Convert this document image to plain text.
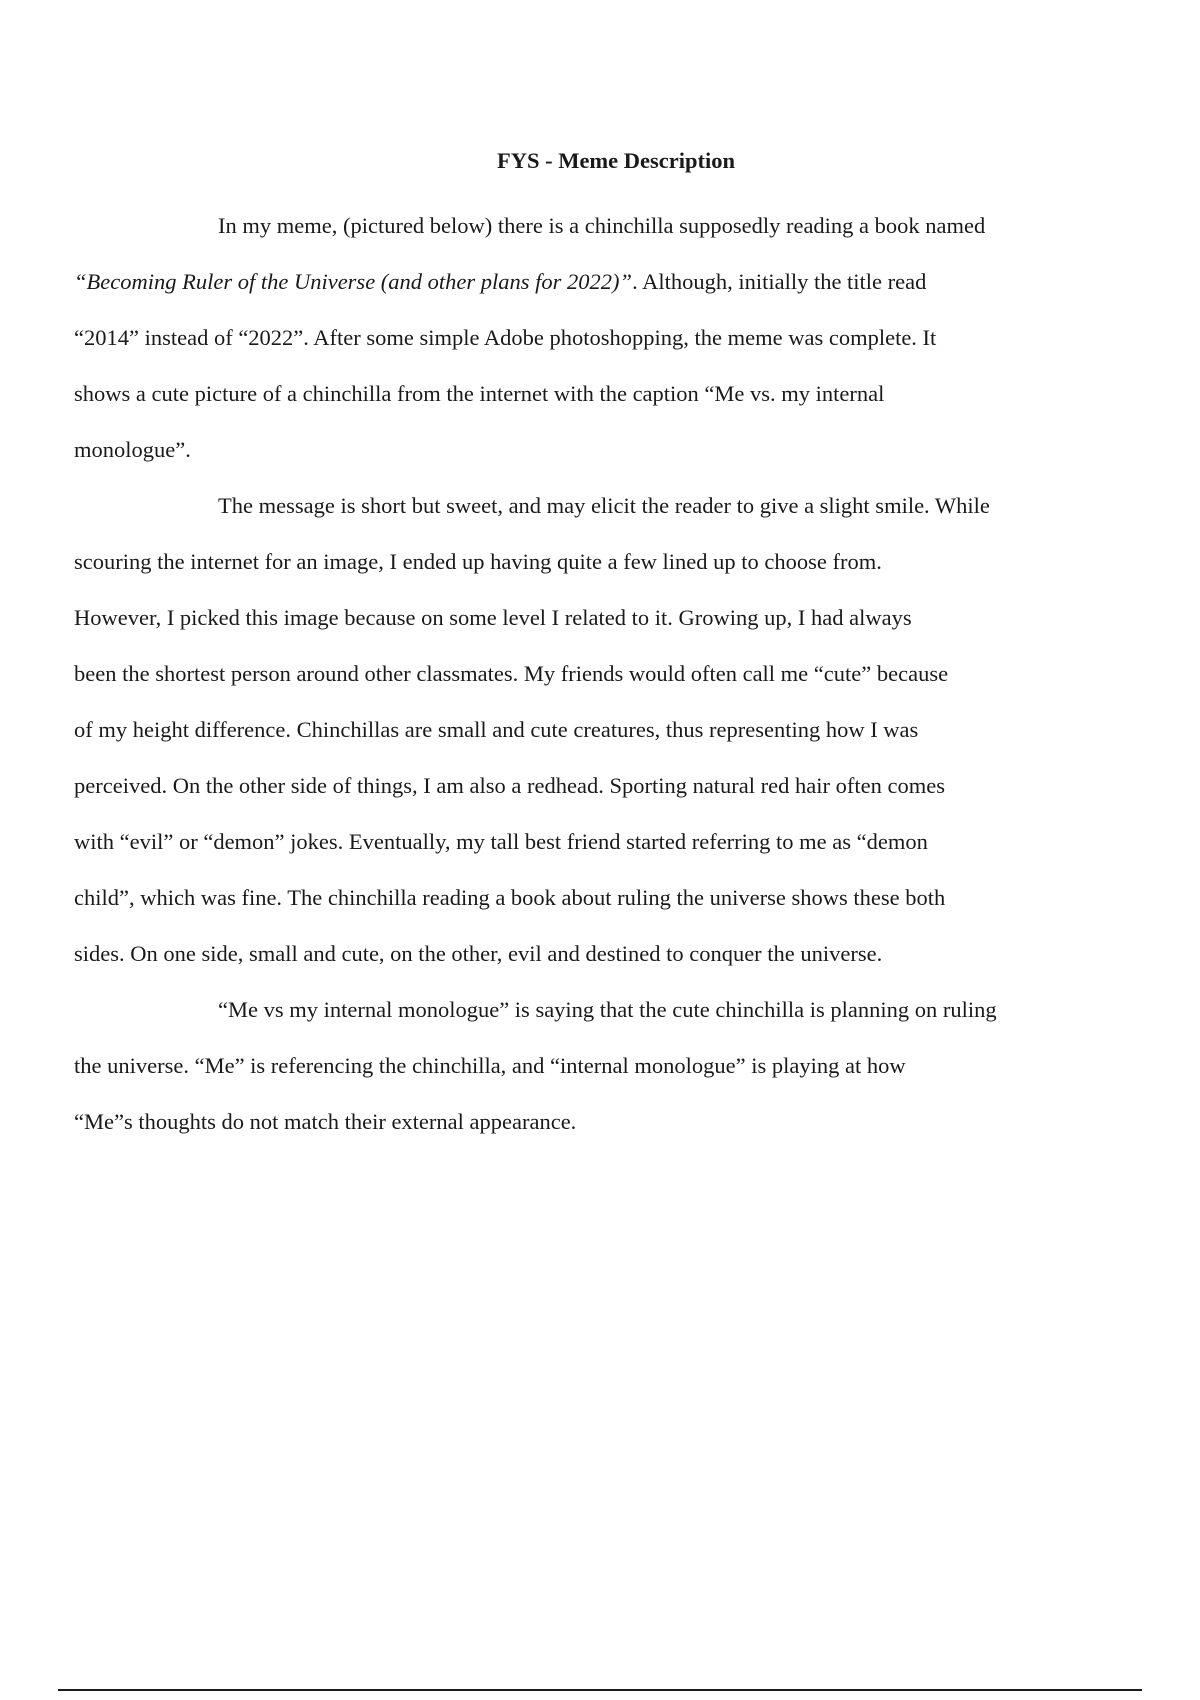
FYS - Meme Description

In my meme, (pictured below) there is a chinchilla supposedly reading a book named
“Becoming Ruler of the Universe (and other plans for 2022)”. Although, initially the title read
“2014” instead of “2022”. After some simple Adobe photoshopping, the meme was complete. It
shows a cute picture of a chinchilla from the internet with the caption “Me vs. my internal
monologue”.

The message is short but sweet, and may elicit the reader to give a slight smile. While
scouring the internet for an image, I ended up having quite a few lined up to choose from.
However, I picked this image because on some level I related to it. Growing up, I had always
been the shortest person around other classmates. My friends would often call me “cute” because
of my height difference. Chinchillas are small and cute creatures, thus representing how I was
perceived. On the other side of things, I am also a redhead. Sporting natural red hair often comes
with “evil” or “demon” jokes. Eventually, my tall best friend started referring to me as “demon
child”, which was fine. The chinchilla reading a book about ruling the universe shows these both
sides. On one side, small and cute, on the other, evil and destined to conquer the universe.

“Me vs my internal monologue” is saying that the cute chinchilla is planning on ruling
the universe. “Me” is referencing the chinchilla, and “internal monologue” is playing at how
“Me”s thoughts do not match their external appearance.
